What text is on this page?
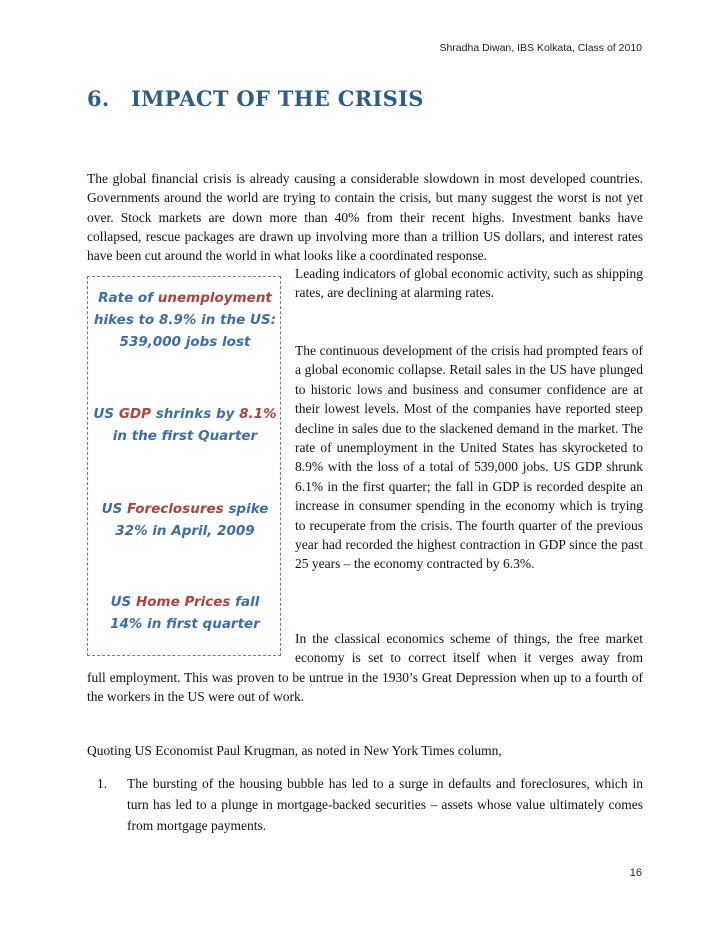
Shradha Diwan, IBS Kolkata, Class of 2010
6. IMPACT OF THE CRISIS

The global financial crisis is already causing a considerable slowdown in most developed countries. Governments around the world are trying to contain the crisis, but many suggest the worst is not yet over. Stock markets are down more than 40% from their recent highs. Investment banks have collapsed, rescue packages are drawn up involving more than a trillion US dollars, and interest rates have been cut around the world in what looks like a coordinated response.

Leading indicators of global economic activity, such as shipping rates, are declining at alarming rates.

The continuous development of the crisis had prompted fears of a global economic collapse. Retail sales in the US have plunged to historic lows and business and consumer confidence are at their lowest levels. Most of the companies have reported steep decline in sales due to the slackened demand in the market. The rate of unemployment in the United States has skyrocketed to 8.9% with the loss of a total of 539,000 jobs. US GDP shrunk 6.1% in the first quarter; the fall in GDP is recorded despite an increase in consumer spending in the economy which is trying to recuperate from the crisis. The fourth quarter of the previous year had recorded the highest contraction in GDP since the past 25 years – the economy contracted by 6.3%.

In the classical economics scheme of things, the free market economy is set to correct itself when it verges away from

full employment. This was proven to be untrue in the 1930’s Great Depression when up to a fourth of the workers in the US were out of work.

Rate of unemployment
hikes to 8.9% in the US:
539,000 jobs lost
US GDP shrinks by 8.1%
in the first Quarter
US Foreclosures spike
32% in April, 2009
US Home Prices fall
14% in first quarter

Quoting US Economist Paul Krugman, as noted in New York Times column,

1. The bursting of the housing bubble has led to a surge in defaults and foreclosures, which in turn has led to a plunge in mortgage-backed securities – assets whose value ultimately comes from mortgage payments.
16
